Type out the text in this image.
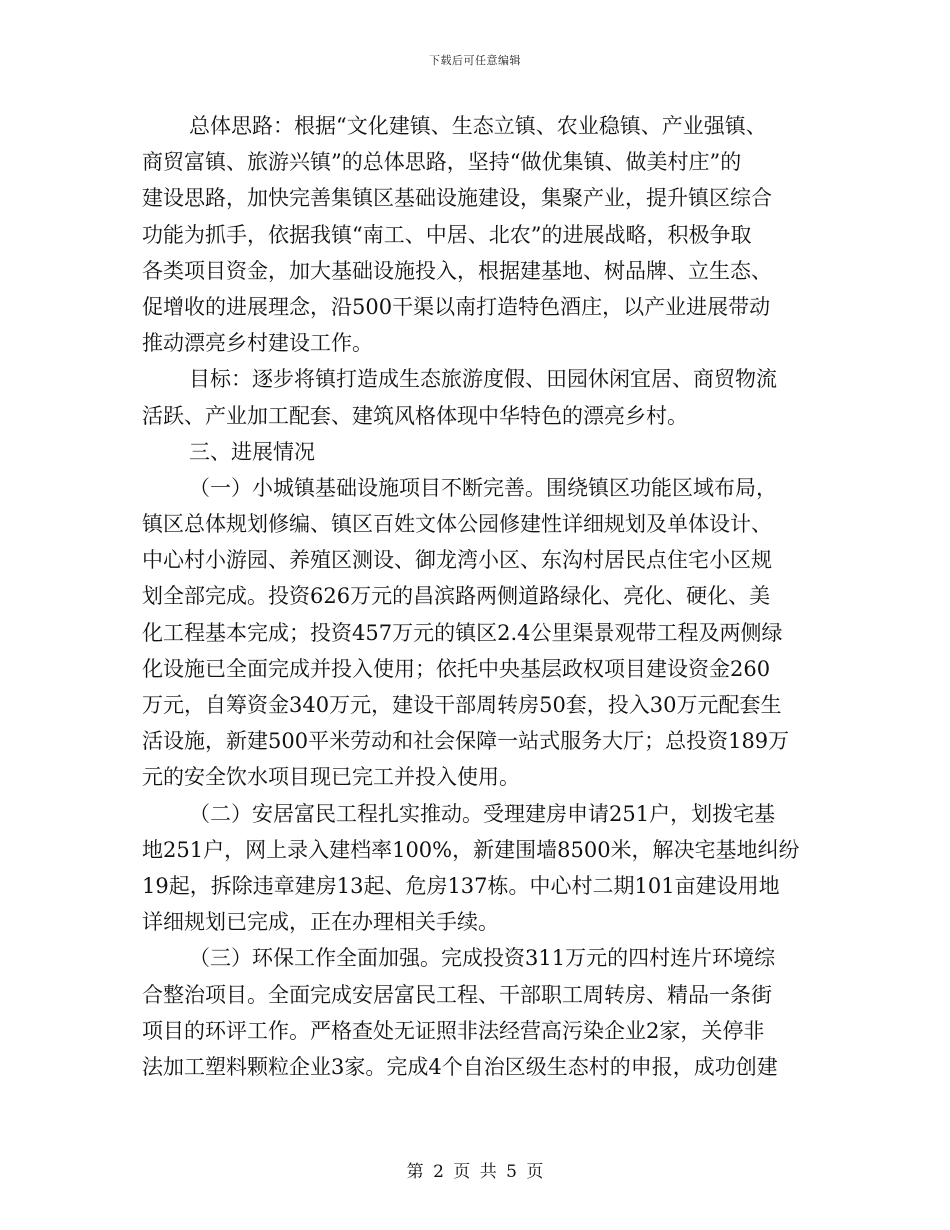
下载后可任意编辑

总体思路：根据“文化建镇、生态立镇、农业稳镇、产业强镇、
商贸富镇、旅游兴镇”的总体思路，坚持“做优集镇、做美村庄”的
建设思路，加快完善集镇区基础设施建设，集聚产业，提升镇区综合
功能为抓手，依据我镇“南工、中居、北农”的进展战略，积极争取
各类项目资金，加大基础设施投入，根据建基地、树品牌、立生态、
促增收的进展理念，沿500干渠以南打造特色酒庄，以产业进展带动
推动漂亮乡村建设工作。

目标：逐步将镇打造成生态旅游度假、田园休闲宜居、商贸物流
活跃、产业加工配套、建筑风格体现中华特色的漂亮乡村。

三、进展情况

（一）小城镇基础设施项目不断完善。围绕镇区功能区域布局，
镇区总体规划修编、镇区百姓文体公园修建性详细规划及单体设计、
中心村小游园、养殖区测设、御龙湾小区、东沟村居民点住宅小区规
划全部完成。投资626万元的昌滨路两侧道路绿化、亮化、硬化、美
化工程基本完成；投资457万元的镇区2.4公里渠景观带工程及两侧绿
化设施已全面完成并投入使用；依托中央基层政权项目建设资金260
万元，自筹资金340万元，建设干部周转房50套，投入30万元配套生
活设施，新建500平米劳动和社会保障一站式服务大厅；总投资189万
元的安全饮水项目现已完工并投入使用。

（二）安居富民工程扎实推动。受理建房申请251户，划拨宅基
地251户，网上录入建档率100%，新建围墙8500米，解决宅基地纠纷
19起，拆除违章建房13起、危房137栋。中心村二期101亩建设用地
详细规划已完成，正在办理相关手续。

（三）环保工作全面加强。完成投资311万元的四村连片环境综
合整治项目。全面完成安居富民工程、干部职工周转房、精品一条街
项目的环评工作。严格查处无证照非法经营高污染企业2家，关停非
法加工塑料颗粒企业3家。完成4个自治区级生态村的申报，成功创建

第 2 页 共 5 页
